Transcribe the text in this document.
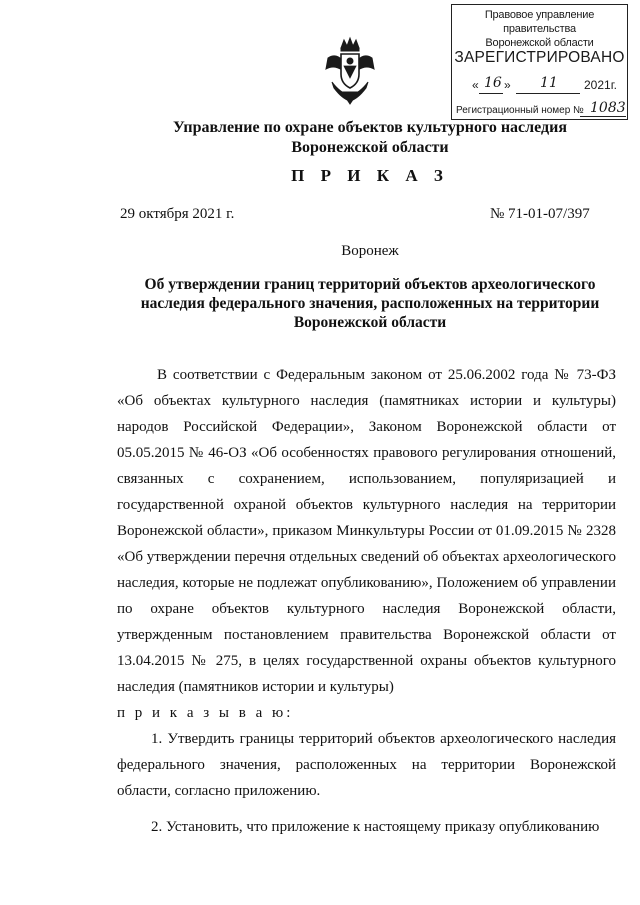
Правовое управление правительства
Воронежской области
ЗАРЕГИСТРИРОВАНО
« 16 » 11 2021г.
Регистрационный номер № 1083
Управление по охране объектов культурного наследия
Воронежской области
П Р И К А З
29 октября 2021 г.	№ 71-01-07/397
Воронеж
Об утверждении границ территорий объектов археологического
наследия федерального значения, расположенных на территории
Воронежской области

В соответствии с Федеральным законом от 25.06.2002 года № 73-ФЗ «Об объектах культурного наследия (памятниках истории и культуры) народов Российской Федерации», Законом Воронежской области от 05.05.2015 № 46-ОЗ «Об особенностях правового регулирования отношений, связанных с сохранением, использованием, популяризацией и государственной охраной объектов культурного наследия на территории Воронежской области», приказом Минкультуры России от 01.09.2015 № 2328 «Об утверждении перечня отдельных сведений об объектах археологического наследия, которые не подлежат опубликованию», Положением об управлении по охране объектов культурного наследия Воронежской области, утвержденным постановлением правительства Воронежской области от 13.04.2015 № 275, в целях государственной охраны объектов культурного наследия (памятников истории и культуры)

п р и к а з ы в а ю:

1. Утвердить границы территорий объектов археологического наследия федерального значения, расположенных на территории Воронежской области, согласно приложению.

2. Установить, что приложение к настоящему приказу опубликованию
